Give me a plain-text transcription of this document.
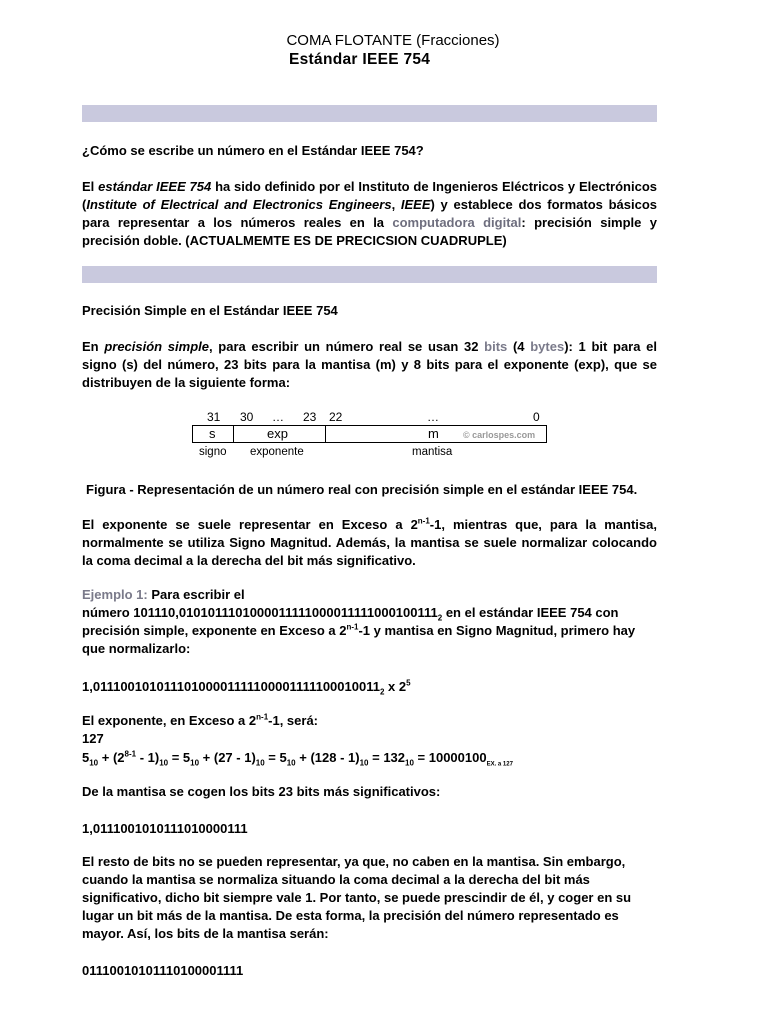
COMA FLOTANTE (Fracciones)
Estándar IEEE 754
¿Cómo se escribe un número en el Estándar IEEE 754?
El estándar IEEE 754 ha sido definido por el Instituto de Ingenieros Eléctricos y Electrónicos (Institute of Electrical and Electronics Engineers, IEEE) y establece dos formatos básicos para representar a los números reales en la computadora digital: precisión simple y precisión doble. (ACTUALMEMTE ES DE PRECICSION CUADRUPLE)
Precisión Simple en el Estándar IEEE 754
En precisión simple, para escribir un número real se usan 32 bits (4 bytes): 1 bit para el signo (s) del número, 23 bits para la mantisa (m) y 8 bits para el exponente (exp), que se distribuyen de la siguiente forma:
31 30 … 23 22	…	0
s	exp	m	© carlospes.com
signo exponente	mantisa
Figura - Representación de un número real con precisión simple en el estándar IEEE 754.
El exponente se suele representar en Exceso a 2$^{n-1}$-1, mientras que, para la mantisa, normalmente se utiliza Signo Magnitud. Además, la mantisa se suele normalizar colocando la coma decimal a la derecha del bit más significativo.
Ejemplo 1: Para escribir el
número $101110,0101011101000011111000011111000100111_2$ en el estándar IEEE 754 con precisión simple, exponente en Exceso a 2$^{n-1}$-1 y mantisa en Signo Magnitud, primero hay que normalizarlo:
$1,01110010101110100001111100001111100010011_2$ x $2^5$
El exponente, en Exceso a 2$^{n-1}$-1, será:
127
$5_{10} + (2^{8-1} - 1)_{10} = 5_{10} + (27 - 1)_{10} = 5_{10} + (128 - 1)_{10} = 132_{10} = 10000100_{EX. a 127}$
De la mantisa se cogen los bits 23 bits más significativos:
1,0111001010111010000111
El resto de bits no se pueden representar, ya que, no caben en la mantisa. Sin embargo, cuando la mantisa se normaliza situando la coma decimal a la derecha del bit más significativo, dicho bit siempre vale 1. Por tanto, se puede prescindir de él, y coger en su lugar un bit más de la mantisa. De esta forma, la precisión del número representado es mayor. Así, los bits de la mantisa serán:
01110010101110100001111
